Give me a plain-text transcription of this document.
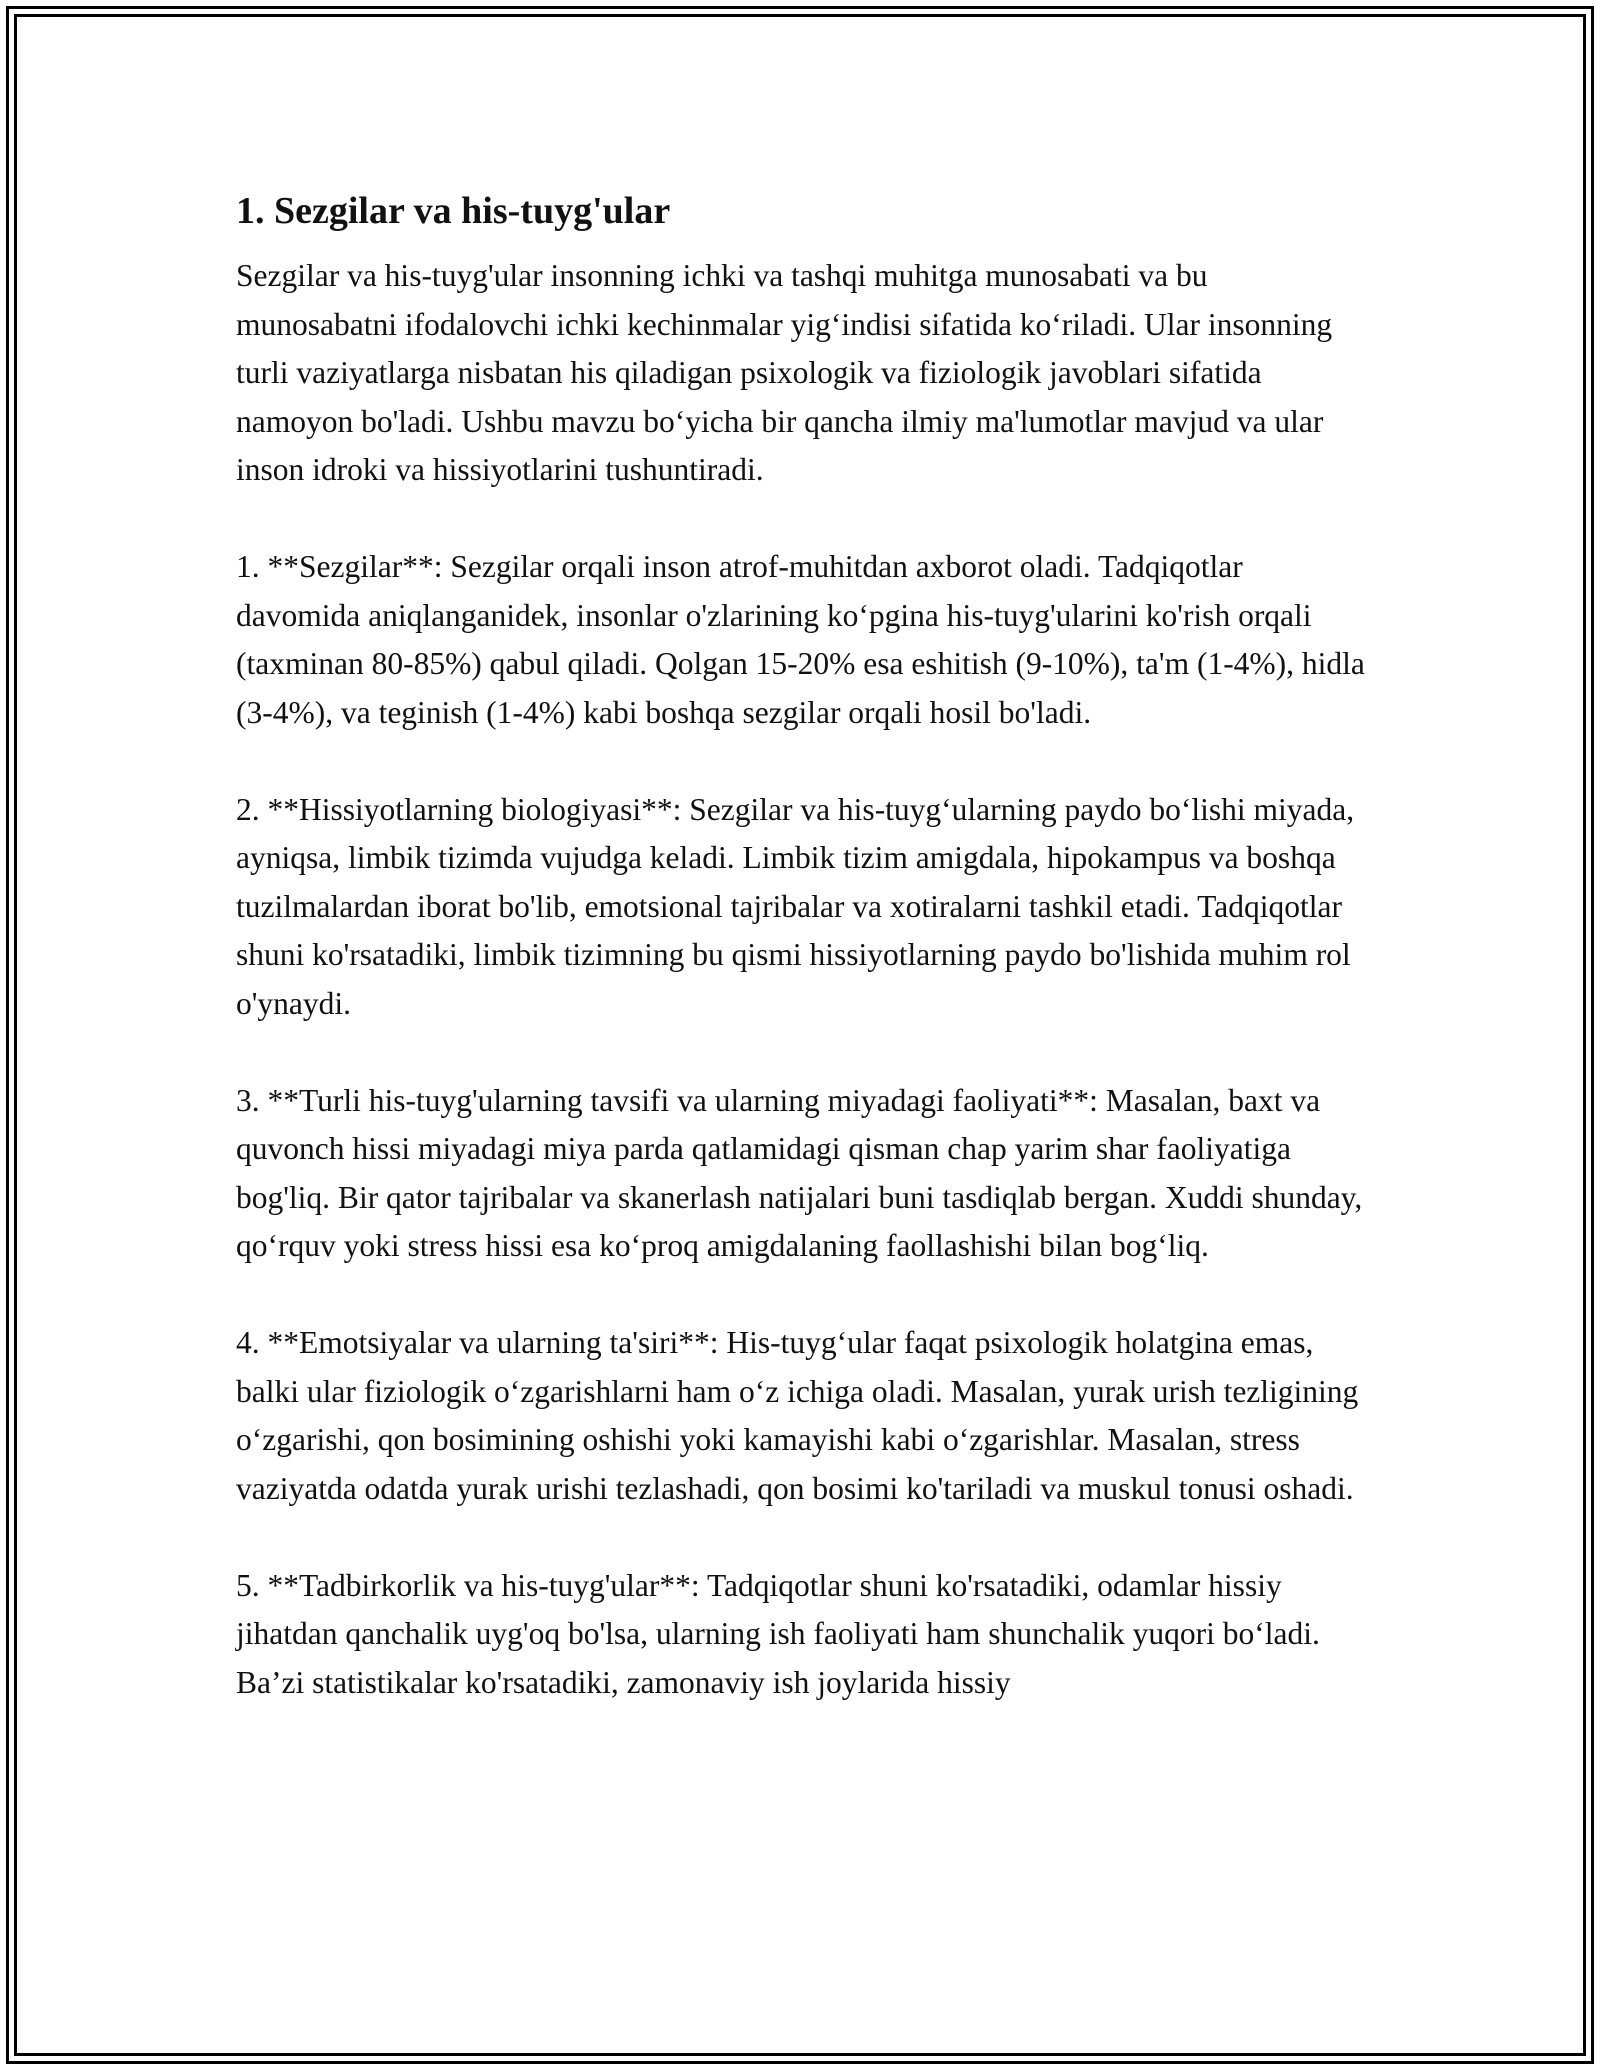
1. Sezgilar va his-tuyg'ular

Sezgilar va his-tuyg'ular insonning ichki va tashqi muhitga munosabati va bu munosabatni ifodalovchi ichki kechinmalar yig‘indisi sifatida ko‘riladi. Ular insonning turli vaziyatlarga nisbatan his qiladigan psixologik va fiziologik javoblari sifatida namoyon bo'ladi. Ushbu mavzu bo‘yicha bir qancha ilmiy ma'lumotlar mavjud va ular inson idroki va hissiyotlarini tushuntiradi.

1. **Sezgilar**: Sezgilar orqali inson atrof-muhitdan axborot oladi. Tadqiqotlar davomida aniqlanganidek, insonlar o'zlarining ko‘pgina his-tuyg'ularini ko'rish orqali (taxminan 80-85%) qabul qiladi. Qolgan 15-20% esa eshitish (9-10%), ta'm (1-4%), hidla (3-4%), va teginish (1-4%) kabi boshqa sezgilar orqali hosil bo'ladi.

2. **Hissiyotlarning biologiyasi**: Sezgilar va his-tuyg‘ularning paydo bo‘lishi miyada, ayniqsa, limbik tizimda vujudga keladi. Limbik tizim amigdala, hipokampus va boshqa tuzilmalardan iborat bo'lib, emotsional tajribalar va xotiralarni tashkil etadi. Tadqiqotlar shuni ko'rsatadiki, limbik tizimning bu qismi hissiyotlarning paydo bo'lishida muhim rol o'ynaydi.

3. **Turli his-tuyg'ularning tavsifi va ularning miyadagi faoliyati**: Masalan, baxt va quvonch hissi miyadagi miya parda qatlamidagi qisman chap yarim shar faoliyatiga bog'liq. Bir qator tajribalar va skanerlash natijalari buni tasdiqlab bergan. Xuddi shunday, qo‘rquv yoki stress hissi esa ko‘proq amigdalaning faollashishi bilan bog‘liq.

4. **Emotsiyalar va ularning ta'siri**: His-tuyg‘ular faqat psixologik holatgina emas, balki ular fiziologik o‘zgarishlarni ham o‘z ichiga oladi. Masalan, yurak urish tezligining o‘zgarishi, qon bosimining oshishi yoki kamayishi kabi o‘zgarishlar. Masalan, stress vaziyatda odatda yurak urishi tezlashadi, qon bosimi ko'tariladi va muskul tonusi oshadi.

5. **Tadbirkorlik va his-tuyg'ular**: Tadqiqotlar shuni ko'rsatadiki, odamlar hissiy jihatdan qanchalik uyg'oq bo'lsa, ularning ish faoliyati ham shunchalik yuqori bo‘ladi. Ba’zi statistikalar ko'rsatadiki, zamonaviy ish joylarida hissiy
